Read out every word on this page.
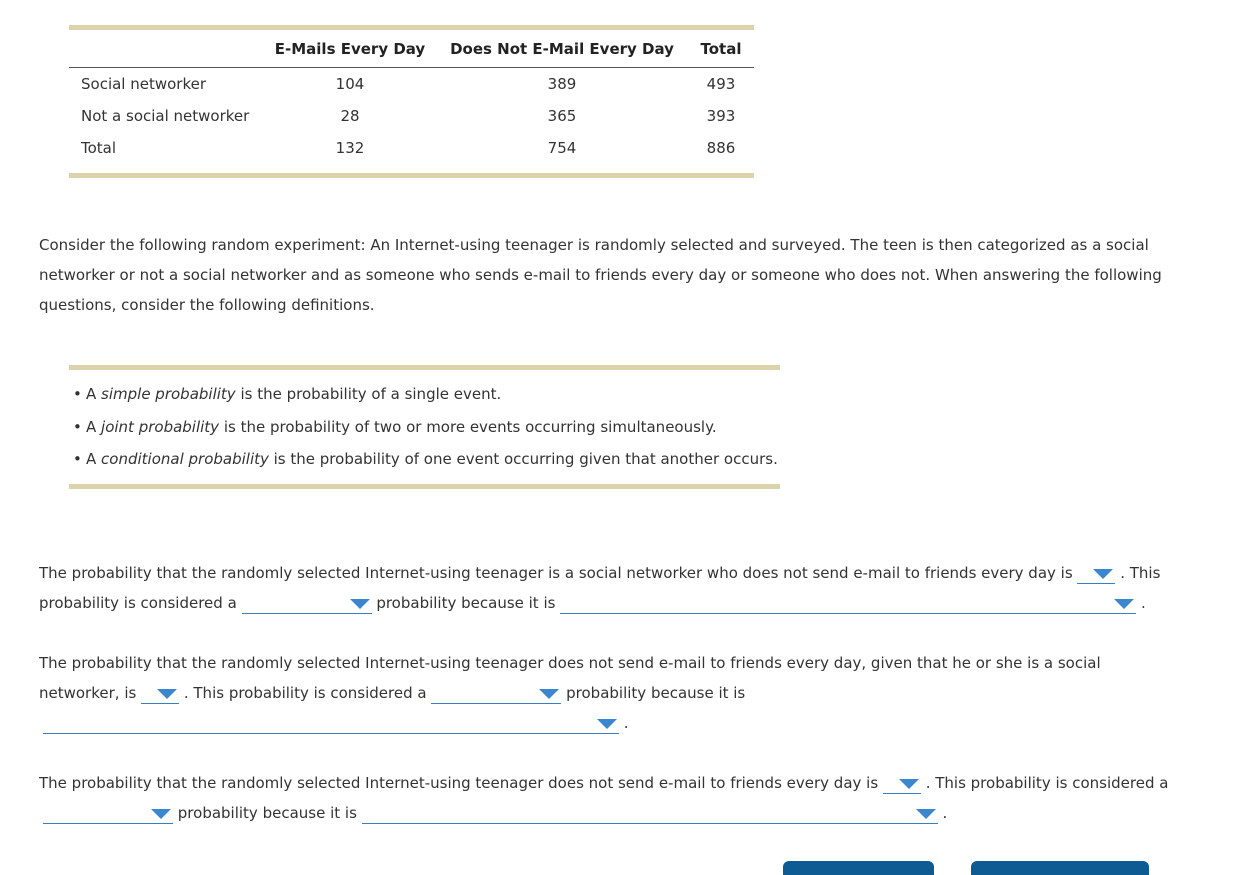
	E-Mails Every Day	Does Not E-Mail Every Day	Total
Social networker	104	389	493
Not a social networker	28	365	393
Total	132	754	886
Consider the following random experiment: An Internet-using teenager is randomly selected and surveyed. The teen is then categorized as a social
networker or not a social networker and as someone who sends e-mail to friends every day or someone who does not. When answering the following
questions, consider the following definitions.
• A simple probability is the probability of a single event.
• A joint probability is the probability of two or more events occurring simultaneously.
• A conditional probability is the probability of one event occurring given that another occurs.
The probability that the randomly selected Internet-using teenager is a social networker who does not send e-mail to friends every day is	. This
probability is considered a	probability because it is	.
The probability that the randomly selected Internet-using teenager does not send e-mail to friends every day, given that he or she is a social
networker, is	. This probability is considered a	probability because it is
.
The probability that the randomly selected Internet-using teenager does not send e-mail to friends every day is	. This probability is considered a
probability because it is	.
